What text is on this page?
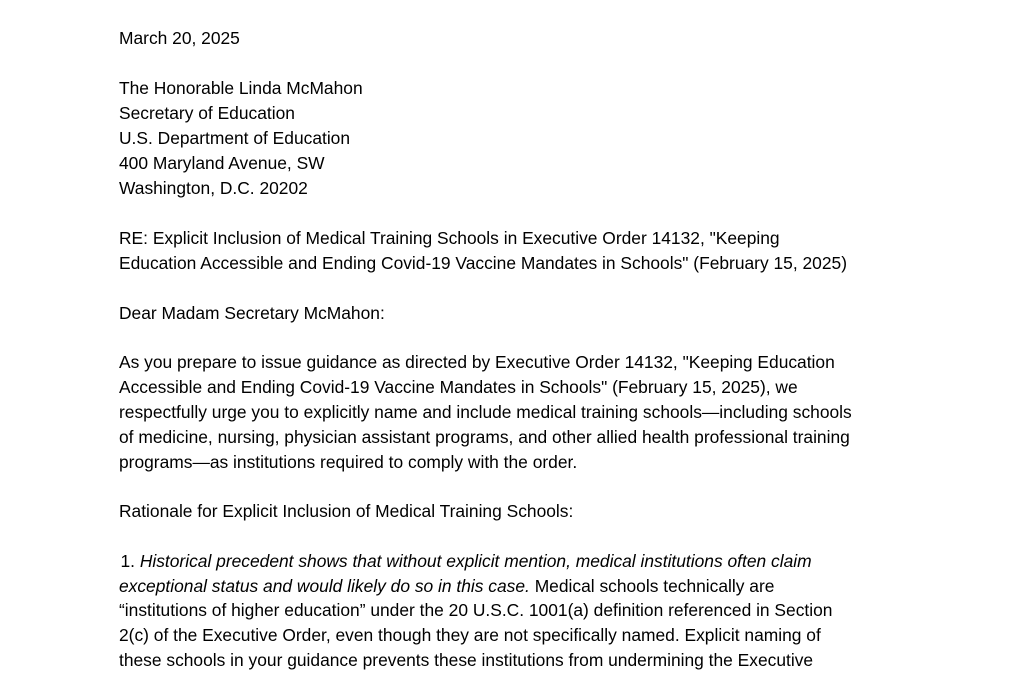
March 20, 2025
The Honorable Linda McMahon
Secretary of Education
U.S. Department of Education
400 Maryland Avenue, SW
Washington, D.C. 20202
RE: Explicit Inclusion of Medical Training Schools in Executive Order 14132, "Keeping
Education Accessible and Ending Covid-19 Vaccine Mandates in Schools" (February 15, 2025)
Dear Madam Secretary McMahon:
As you prepare to issue guidance as directed by Executive Order 14132, "Keeping Education
Accessible and Ending Covid-19 Vaccine Mandates in Schools" (February 15, 2025), we
respectfully urge you to explicitly name and include medical training schools—including schools
of medicine, nursing, physician assistant programs, and other allied health professional training
programs—as institutions required to comply with the order.
Rationale for Explicit Inclusion of Medical Training Schools:
 1. Historical precedent shows that without explicit mention, medical institutions often claim
exceptional status and would likely do so in this case. Medical schools technically are
“institutions of higher education” under the 20 U.S.C. 1001(a) definition referenced in Section
2(c) of the Executive Order, even though they are not specifically named. Explicit naming of
these schools in your guidance prevents these institutions from undermining the Executive
